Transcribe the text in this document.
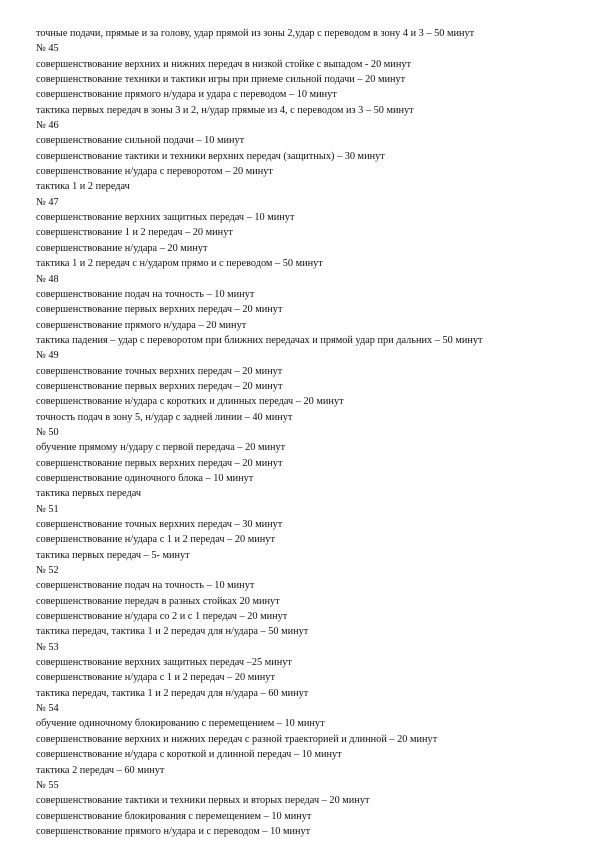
точные подачи, прямые и за голову, удар прямой из зоны 2,удар с переводом в зону 4 и 3 – 50 минут
№ 45
совершенствование верхних и нижних передач в низкой стойке с выпадом - 20 минут
совершенствование техники и тактики игры при приеме сильной подачи – 20 минут
совершенствование прямого н/удара и удара с переводом – 10 минут
тактика первых передач в зоны 3 и 2, н/удар прямые из 4, с переводом из 3 – 50 минут
№ 46
совершенствование сильной подачи – 10 минут
совершенствование тактики и техники верхних передач (защитных) – 30 минут
совершенствование н/удара с перевоpотом – 20 минут
тактика 1 и 2 передач
№ 47
совершенствование верхних защитных передач – 10 минут
совершенствование 1 и 2 передач – 20 минут
совершенствование н/удара – 20 минут
тактика 1 и 2 передач с н/ударом прямо и с переводом – 50 минут
№ 48
совершенствование подач на точность – 10 минут
совершенствование первых верхних передач – 20 минут
совершенствование прямого н/удара – 20 минут
тактика падения – удар с переворотом при ближних передачах и прямой удар при дальних – 50 минут
№ 49
совершенствование точных верхних передач – 20 минут
совершенствование первых верхних передач – 20 минут
совершенствование н/удара с коротких и длинных передач – 20 минут
точность подач в зону 5, н/удар с задней линии – 40 минут
№ 50
обучение прямому н/удару с первой передача – 20 минут
совершенствование первых верхних передач – 20 минут
совершенствование одиночного блока – 10 минут
тактика первых передач
№ 51
совершенствование точных верхних передач – 30 минут
совершенствование н/удара с 1 и 2 передач – 20 минут
тактика первых передач – 5- минут
№ 52
совершенствование подач на точность – 10 минут
совершенствование передач в разных стойках 20 минут
совершенствование н/удара со 2 и с 1 передач – 20 минут
тактика передач, тактика 1 и 2 передач для н/удара – 50 минут
№ 53
совершенствование верхних защитных передач –25 минут
совершенствование н/удара с 1 и 2 передач – 20 минут
тактика передач, тактика 1 и 2 передач для н/удара – 60 минут
№ 54
обучение одиночному блокированию с перемещением – 10 минут
совершенствование верхних и нижних передач с разной траекторией и длинной – 20 минут
совершенствование н/удара с короткой и длинной передач – 10 минут
тактика 2 передач – 60 минут
№ 55
совершенствование тактики и техники первых и вторых передач – 20 минут
совершенствование блокирования с перемещением – 10 минут
совершенствование прямого н/удара и с переводом – 10 минут
